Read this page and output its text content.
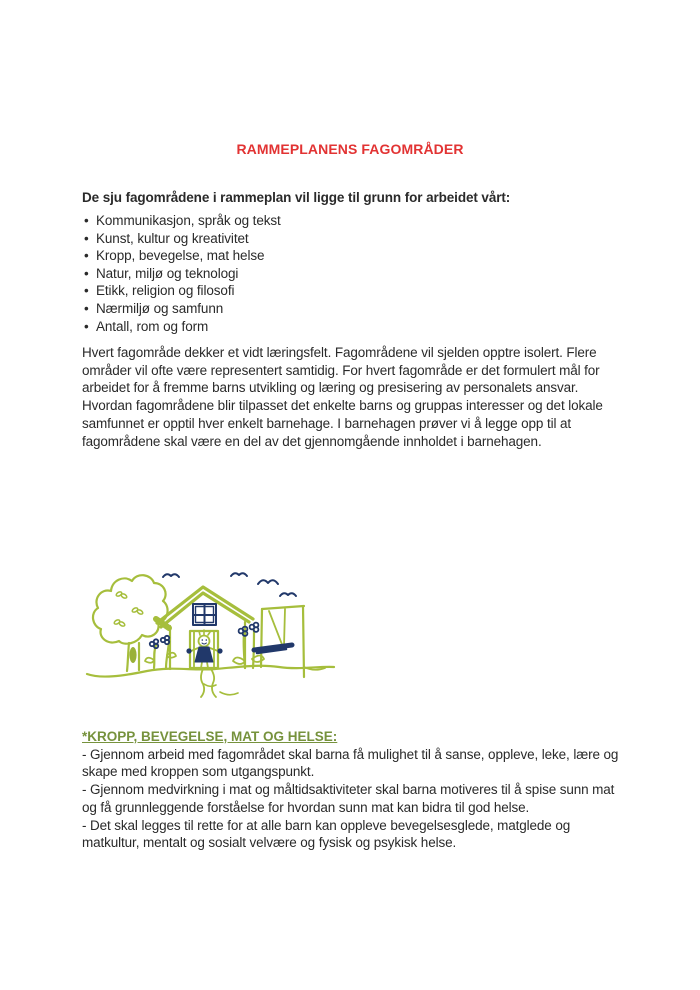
RAMMEPLANENS FAGOMRÅDER

De sju fagområdene i rammeplan vil ligge til grunn for arbeidet vårt:

• Kommunikasjon, språk og tekst
• Kunst, kultur og kreativitet
• Kropp, bevegelse, mat helse
• Natur, miljø og teknologi
• Etikk, religion og filosofi
• Nærmiljø og samfunn
• Antall, rom og form

Hvert fagområde dekker et vidt læringsfelt. Fagområdene vil sjelden opptre isolert. Flere områder vil ofte være representert samtidig. For hvert fagområde er det formulert mål for arbeidet for å fremme barns utvikling og læring og presisering av personalets ansvar. Hvordan fagområdene blir tilpasset det enkelte barns og gruppas interesser og det lokale samfunnet er opptil hver enkelt barnehage. I barnehagen prøver vi å legge opp til at fagområdene skal være en del av det gjennomgående innholdet i barnehagen.

*KROPP, BEVEGELSE, MAT OG HELSE:

- Gjennom arbeid med fagområdet skal barna få mulighet til å sanse, oppleve, leke, lære og skape med kroppen som utgangspunkt.

- Gjennom medvirkning i mat og måltidsaktiviteter skal barna motiveres til å spise sunn mat og få grunnleggende forståelse for hvordan sunn mat kan bidra til god helse.

- Det skal legges til rette for at alle barn kan oppleve bevegelsesglede, matglede og matkultur, mentalt og sosialt velvære og fysisk og psykisk helse.
